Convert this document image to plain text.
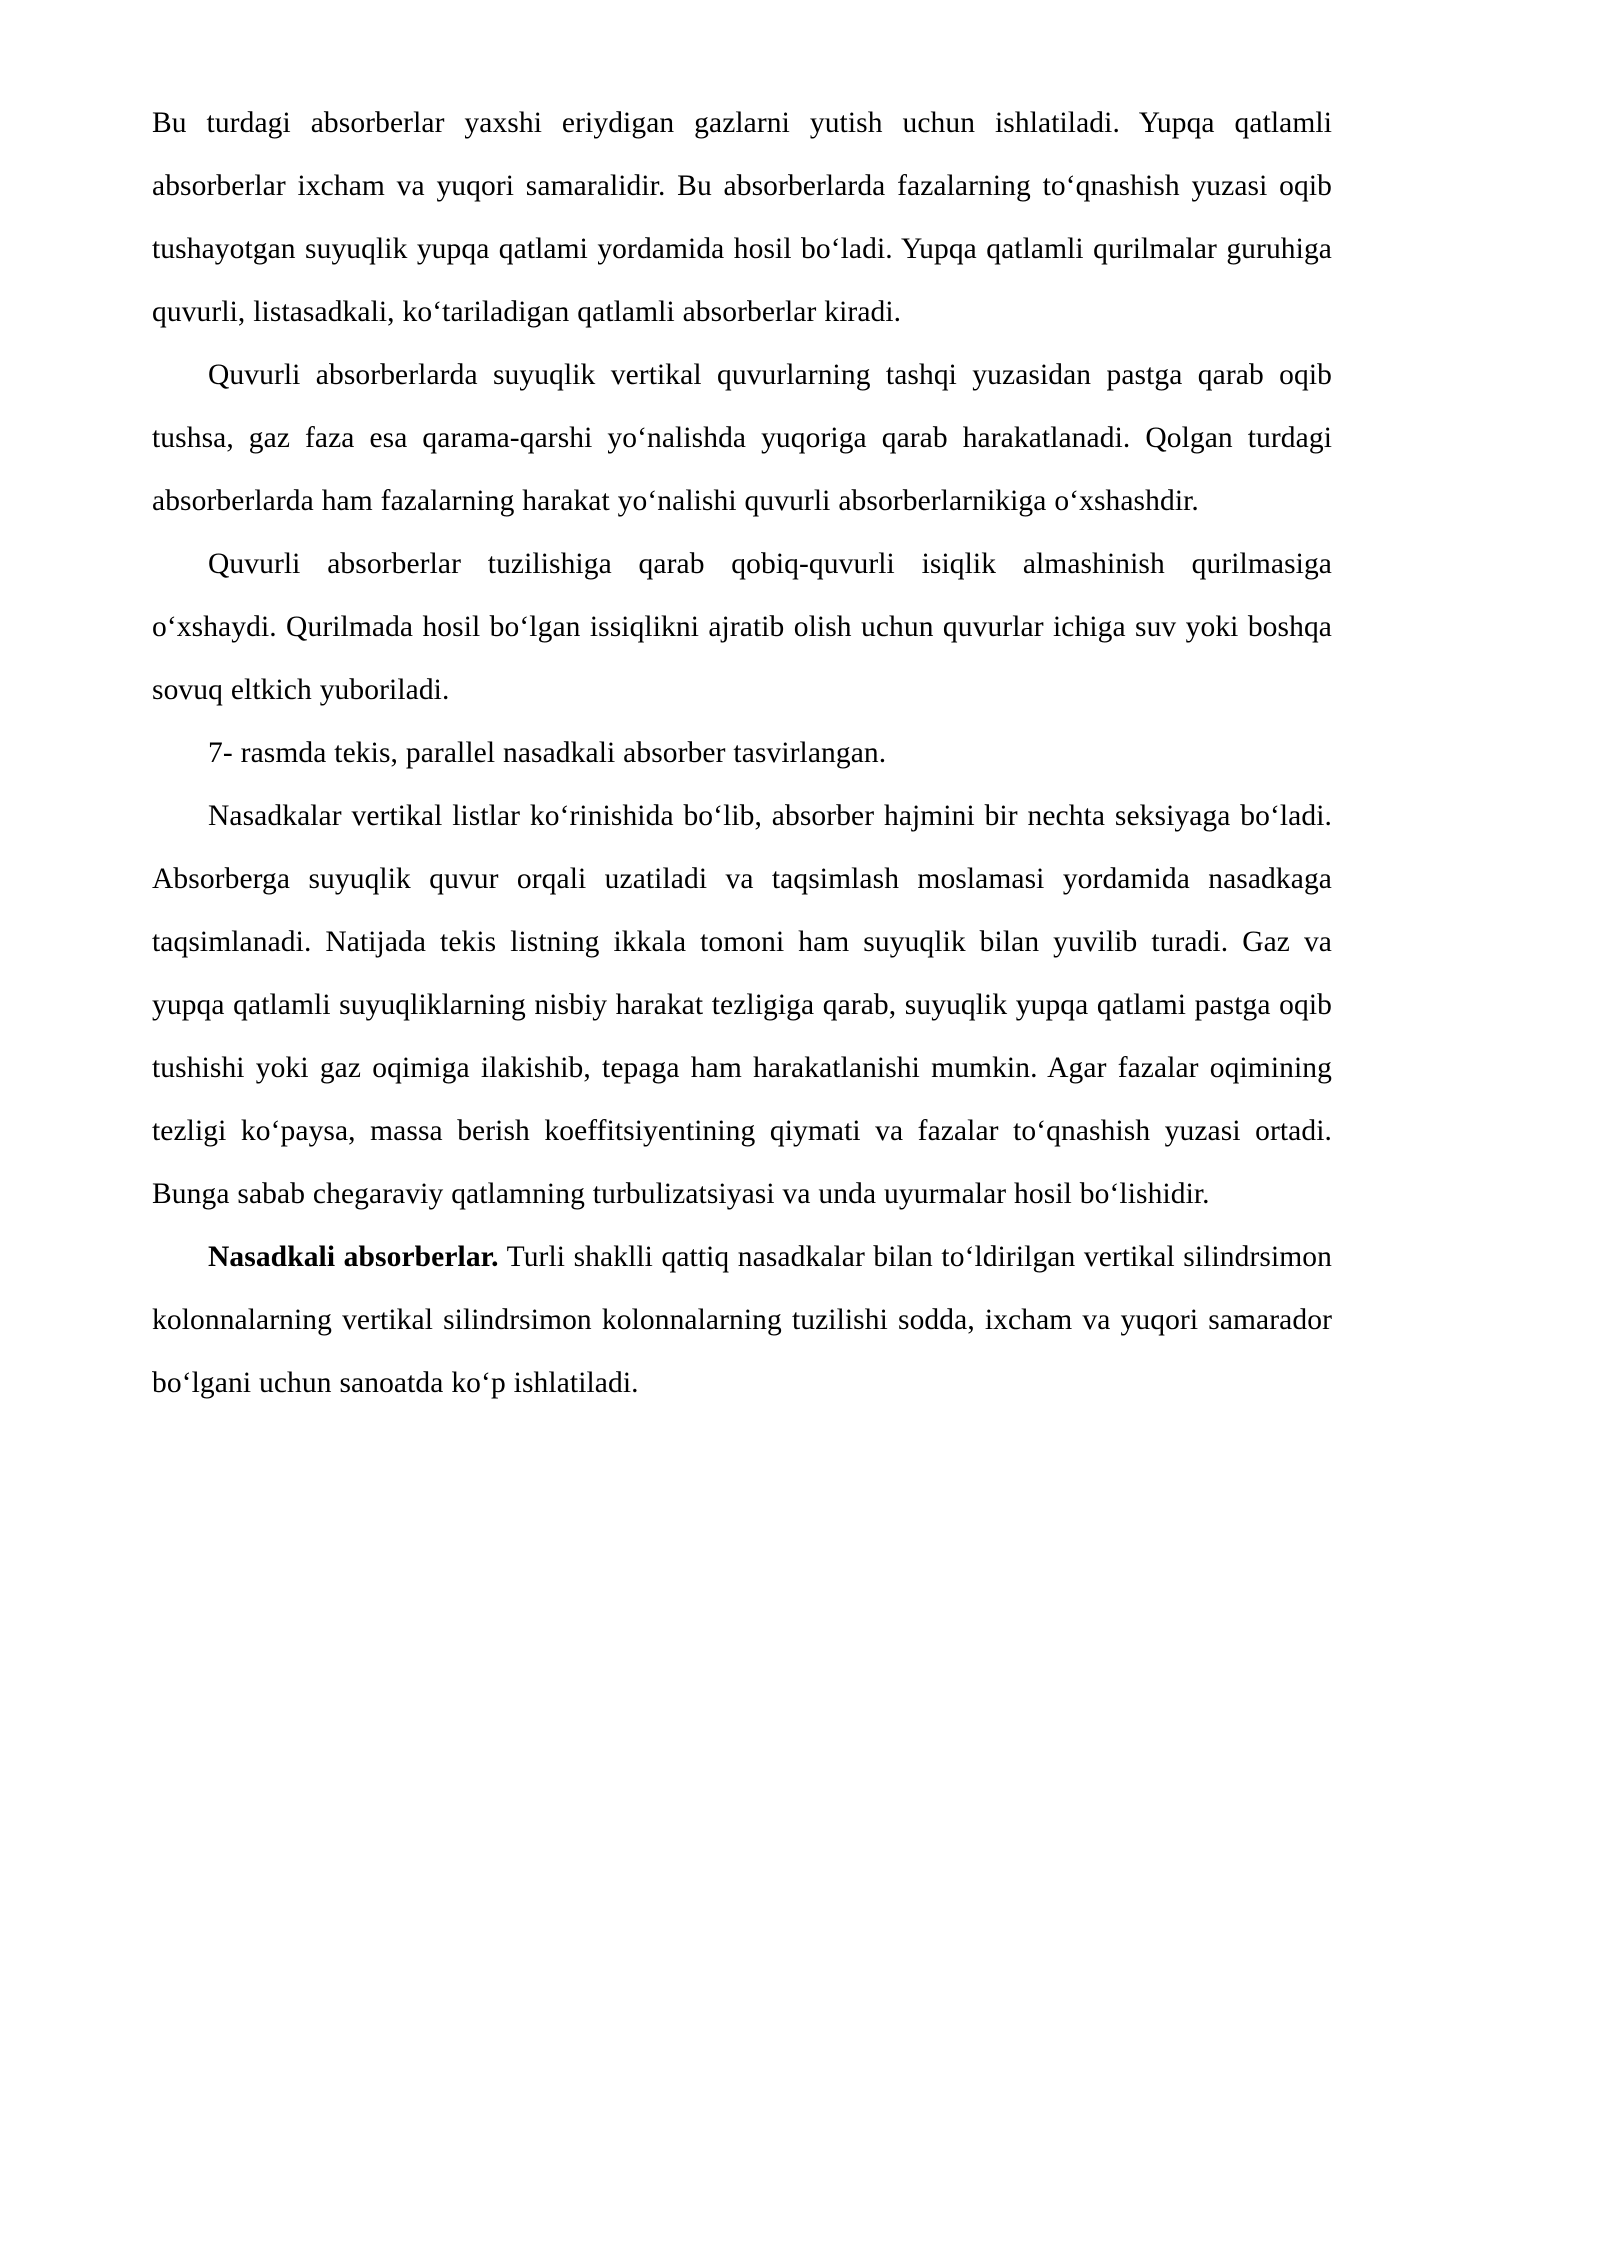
Bu turdagi absorberlar yaxshi eriydigan gazlarni yutish uchun ishlatiladi. Yupqa qatlamli absorberlar ixcham va yuqori samaralidir. Bu absorberlarda fazalarning to‘qnashish yuzasi oqib tushayotgan suyuqlik yupqa qatlami yordamida hosil bo‘ladi. Yupqa qatlamli qurilmalar guruhiga quvurli, listasadkali, ko‘tariladigan qatlamli absorberlar kiradi.

Quvurli absorberlarda suyuqlik vertikal quvurlarning tashqi yuzasidan pastga qarab oqib tushsa, gaz faza esa qarama-qarshi yo‘nalishda yuqoriga qarab harakatlanadi. Qolgan turdagi absorberlarda ham fazalarning harakat yo‘nalishi quvurli absorberlarnikiga o‘xshashdir.

Quvurli absorberlar tuzilishiga qarab qobiq-quvurli isiqlik almashinish qurilmasiga o‘xshaydi. Qurilmada hosil bo‘lgan issiqlikni ajratib olish uchun quvurlar ichiga suv yoki boshqa sovuq eltkich yuboriladi.

7- rasmda tekis, parallel nasadkali absorber tasvirlangan.

Nasadkalar vertikal listlar ko‘rinishida bo‘lib, absorber hajmini bir nechta seksiyaga bo‘ladi. Absorberga suyuqlik quvur orqali uzatiladi va taqsimlash moslamasi yordamida nasadkaga taqsimlanadi. Natijada tekis listning ikkala tomoni ham suyuqlik bilan yuvilib turadi. Gaz va yupqa qatlamli suyuqliklarning nisbiy harakat tezligiga qarab, suyuqlik yupqa qatlami pastga oqib tushishi yoki gaz oqimiga ilakishib, tepaga ham harakatlanishi mumkin. Agar fazalar oqimining tezligi ko‘paysa, massa berish koeffitsiyentining qiymati va fazalar to‘qnashish yuzasi ortadi. Bunga sabab chegaraviy qatlamning turbulizatsiyasi va unda uyurmalar hosil bo‘lishidir.

Nasadkali absorberlar. Turli shaklli qattiq nasadkalar bilan to‘ldirilgan vertikal silindrsimon kolonnalarning vertikal silindrsimon kolonnalarning tuzilishi sodda, ixcham va yuqori samarador bo‘lgani uchun sanoatda ko‘p ishlatiladi.
